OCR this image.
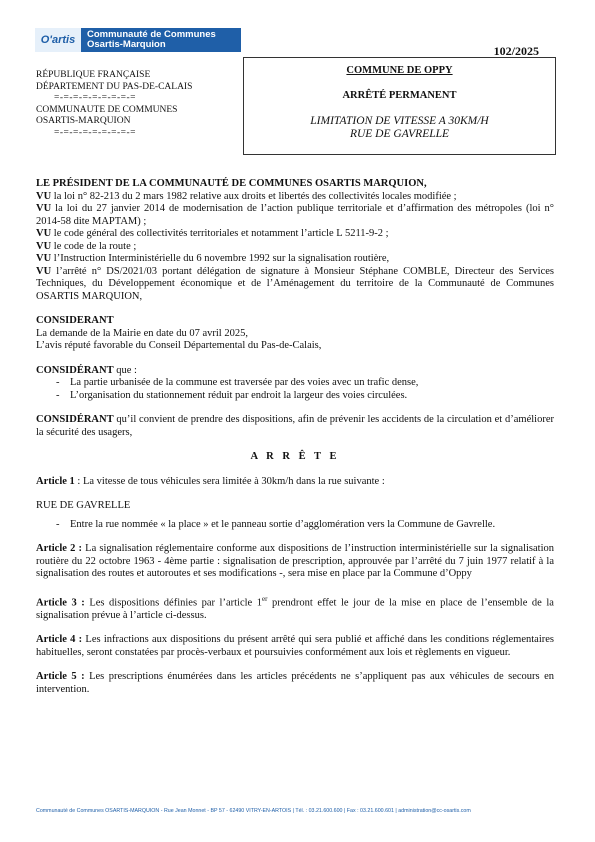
O'artis	Communauté de Communes
Osartis-Marquion	102/2025
RÉPUBLIQUE FRANÇAISE
DÉPARTEMENT DU PAS-DE-CALAIS
=-=-=-=-=-=-=-=-=
COMMUNAUTE DE COMMUNES
OSARTIS-MARQUION
=-=-=-=-=-=-=-=-=
COMMUNE DE OPPY
ARRÊTÉ PERMANENT
LIMITATION DE VITESSE A 30KM/H
RUE DE GAVRELLE

LE PRÉSIDENT DE LA COMMUNAUTÉ DE COMMUNES OSARTIS MARQUION,

VU la loi n° 82-213 du 2 mars 1982 relative aux droits et libertés des collectivités locales modifiée ;

VU la loi du 27 janvier 2014 de modernisation de l’action publique territoriale et d’affirmation des métropoles (loi n° 2014-58 dite MAPTAM) ;

VU le code général des collectivités territoriales et notamment l’article L 5211-9-2 ;

VU le code de la route ;

VU l’Instruction Interministérielle du 6 novembre 1992 sur la signalisation routière,

VU l’arrêté n° DS/2021/03 portant délégation de signature à Monsieur Stéphane COMBLE, Directeur des Services Techniques, du Développement économique et de l’Aménagement du territoire de la Communauté de Communes OSARTIS MARQUION,

CONSIDERANT

La demande de la Mairie en date du 07 avril 2025,

L’avis réputé favorable du Conseil Départemental du Pas-de-Calais,

CONSIDÉRANT que :

- La partie urbanisée de la commune est traversée par des voies avec un trafic dense,
- L’organisation du stationnement réduit par endroit la largeur des voies circulées.

CONSIDÉRANT qu’il convient de prendre des dispositions, afin de prévenir les accidents de la circulation et d’améliorer la sécurité des usagers,

A R R Ê T E

Article 1 : La vitesse de tous véhicules sera limitée à 30km/h dans la rue suivante :

RUE DE GAVRELLE

- Entre la rue nommée « la place » et le panneau sortie d’agglomération vers la Commune de Gavrelle.

Article 2 : La signalisation réglementaire conforme aux dispositions de l’instruction interministérielle sur la signalisation routière du 22 octobre 1963 - 4ème partie : signalisation de prescription, approuvée par l’arrêté du 7 juin 1977 relatif à la signalisation des routes et autoroutes et ses modifications -, sera mise en place par la Commune d’Oppy

Article 3 : Les dispositions définies par l’article 1er prendront effet le jour de la mise en place de l’ensemble de la signalisation prévue à l’article ci-dessus.

Article 4 : Les infractions aux dispositions du présent arrêté qui sera publié et affiché dans les conditions réglementaires habituelles, seront constatées par procès-verbaux et poursuivies conformément aux lois et règlements en vigueur.

Article 5 : Les prescriptions énumérées dans les articles précédents ne s’appliquent pas aux véhicules de secours en intervention.

Communauté de Communes OSARTIS-MARQUION - Rue Jean Monnet - BP 57 - 62490 VITRY-EN-ARTOIS | Tél. : 03.21.600.600 | Fax : 03.21.600.601 | administration@cc-osartis.com
